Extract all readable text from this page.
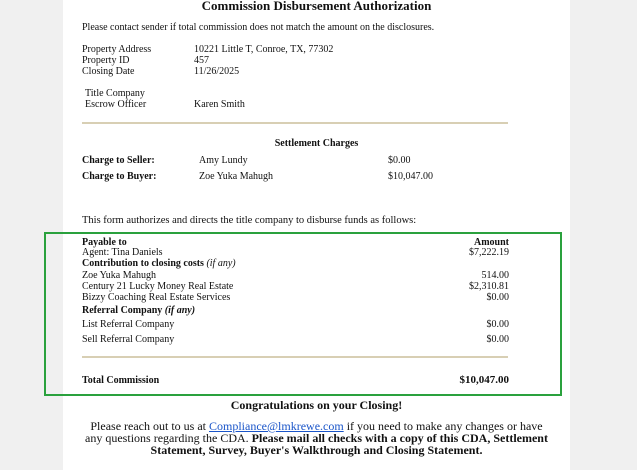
Commission Disbursement Authorization
Please contact sender if total commission does not match the amount on the disclosures.
Property Address	10221 Little T, Conroe, TX, 77302
Property ID	457
Closing Date	11/26/2025
Title Company
Escrow Officer	Karen Smith
Settlement Charges
Charge to Seller:	Amy Lundy	$0.00
Charge to Buyer:	Zoe Yuka Mahugh	$10,047.00
This form authorizes and directs the title company to disburse funds as follows:
Payable to	Amount
Agent: Tina Daniels	$7,222.19
Contribution to closing costs (if any)
Zoe Yuka Mahugh	514.00
Century 21 Lucky Money Real Estate	$2,310.81
Bizzy Coaching Real Estate Services	$0.00
Referral Company (if any)
List Referral Company	$0.00
Sell Referral Company	$0.00
Total Commission	$10,047.00
Congratulations on your Closing!
Please reach out to us at Compliance@lmkrewe.com if you need to make any changes or have any questions regarding the CDA. Please mail all checks with a copy of this CDA, Settlement Statement, Survey, Buyer's Walkthrough and Closing Statement.
